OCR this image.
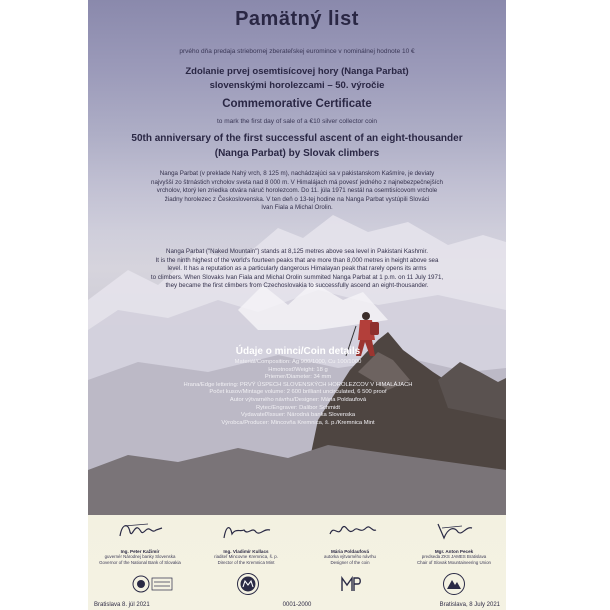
Pamätný list
prvého dňa predaja striebornej zberateľskej euromince v nominálnej hodnote 10 €
Zdolanie prvej osemtisícovej hory (Nanga Parbat)
slovenskými horolezcami – 50. výročie
Commemorative Certificate
to mark the first day of sale of a €10 silver collector coin
50th anniversary of the first successful ascent of an eight-thousander
(Nanga Parbat) by Slovak climbers
Nanga Parbat (v preklade Nahý vrch, 8 125 m), nachádzajúci sa v pakistanskom Kašmíre, je deviaty
najvyšší zo štrnástich vrcholov sveta nad 8 000 m. V Himalájach má povesť jedného z najnebezpečnejších
vrcholov, ktorý len zriedka otvára náruč horolezcom. Do 11. júla 1971 nestál na osemtisícovom vrchole
žiadny horolezec z Československa. V ten deň o 13-tej hodine na Nanga Parbat vystúpili Slováci
Ivan Fiala a Michal Orolin.
Nanga Parbat ("Naked Mountain") stands at 8,125 metres above sea level in Pakistani Kashmir.
It is the ninth highest of the world's fourteen peaks that are more than 8,000 metres in height above sea
level. It has a reputation as a particularly dangerous Himalayan peak that rarely opens its arms
to climbers. When Slovaks Ivan Fiala and Michal Orolin summited Nanga Parbat at 1 p.m. on 11 July 1971,
they became the first climbers from Czechoslovakia to successfully ascend an eight-thousander.
Údaje o minci/Coin details
Materiál/Composition: Ag 900/1000, Cu 100/1000
Hmotnosť/Weight: 18 g
Priemer/Diameter: 34 mm
Hrana/Edge lettering: PRVÝ ÚSPECH SLOVENSKÝCH HOROLEZCOV V HIMALÁJACH
Počet kusov/Mintage volume: 2 600 brilliant uncirculated, 6 500 proof
Autor výtvarného návrhu/Designer: Mária Poldaufová
Rytec/Engraver: Dalibor Schmidt
Vydavateľ/Issuer: Národná banka Slovenska
Výrobca/Producer: Mincovňa Kremnica, š. p./Kremnica Mint
Ing. Peter Kažimír
guvernér Národnej banky Slovenska
Governor of the National Bank of Slovakia
Ing. Vladimír Kullacs
riaditeľ Mincovne Kremnica, š. p.
Director of the Kremnica Mint
Mária Poldaufová
autorka výtvarného návrhu
Designer of the coin
Mgr. Anton Pecek
predseda ZKS JAMES Bratislava
Chair of Slovak Mountaineering Union
Bratislava 8. júl 2021	0001-2000	Bratislava, 8 July 2021
